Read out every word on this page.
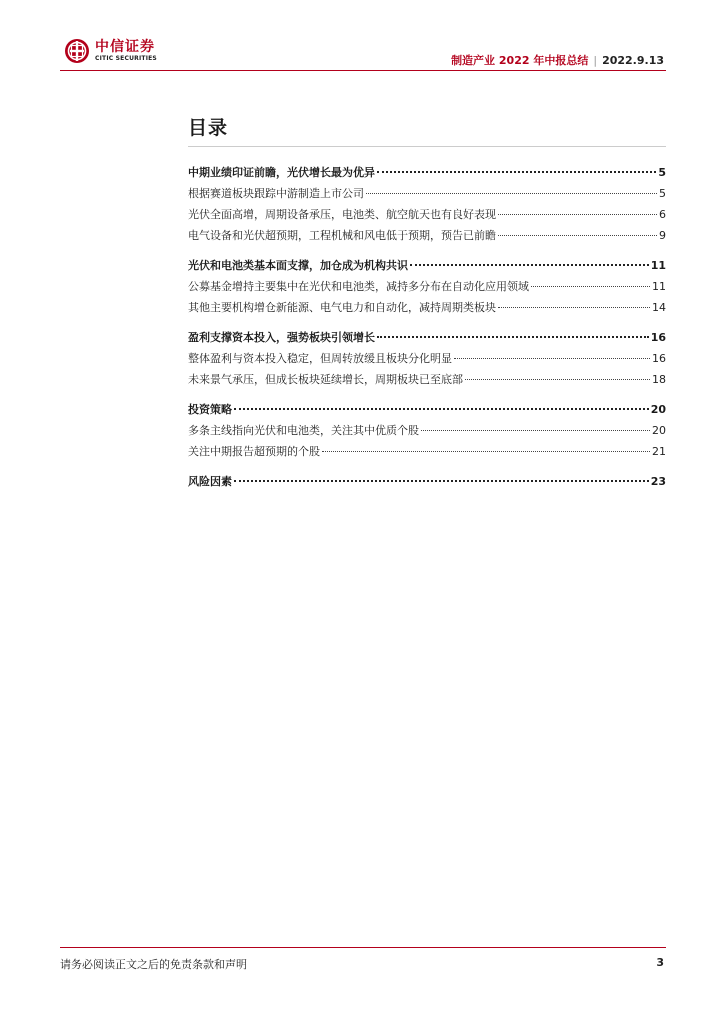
中信证券
CITIC SECURITIES	制造产业 2022 年中报总结 | 2022.9.13
目录
中期业绩印证前瞻，光伏增长最为优异	5
根据赛道板块跟踪中游制造上市公司	5
光伏全面高增，周期设备承压，电池类、航空航天也有良好表现	6
电气设备和光伏超预期，工程机械和风电低于预期，预告已前瞻	9
光伏和电池类基本面支撑，加仓成为机构共识	11
公募基金增持主要集中在光伏和电池类，减持多分布在自动化应用领域	11
其他主要机构增仓新能源、电气电力和自动化，减持周期类板块	14
盈利支撑资本投入，强势板块引领增长	16
整体盈利与资本投入稳定，但周转放缓且板块分化明显	16
未来景气承压，但成长板块延续增长，周期板块已至底部	18
投资策略	20
多条主线指向光伏和电池类，关注其中优质个股	20
关注中期报告超预期的个股	21
风险因素	23
请务必阅读正文之后的免责条款和声明	3
